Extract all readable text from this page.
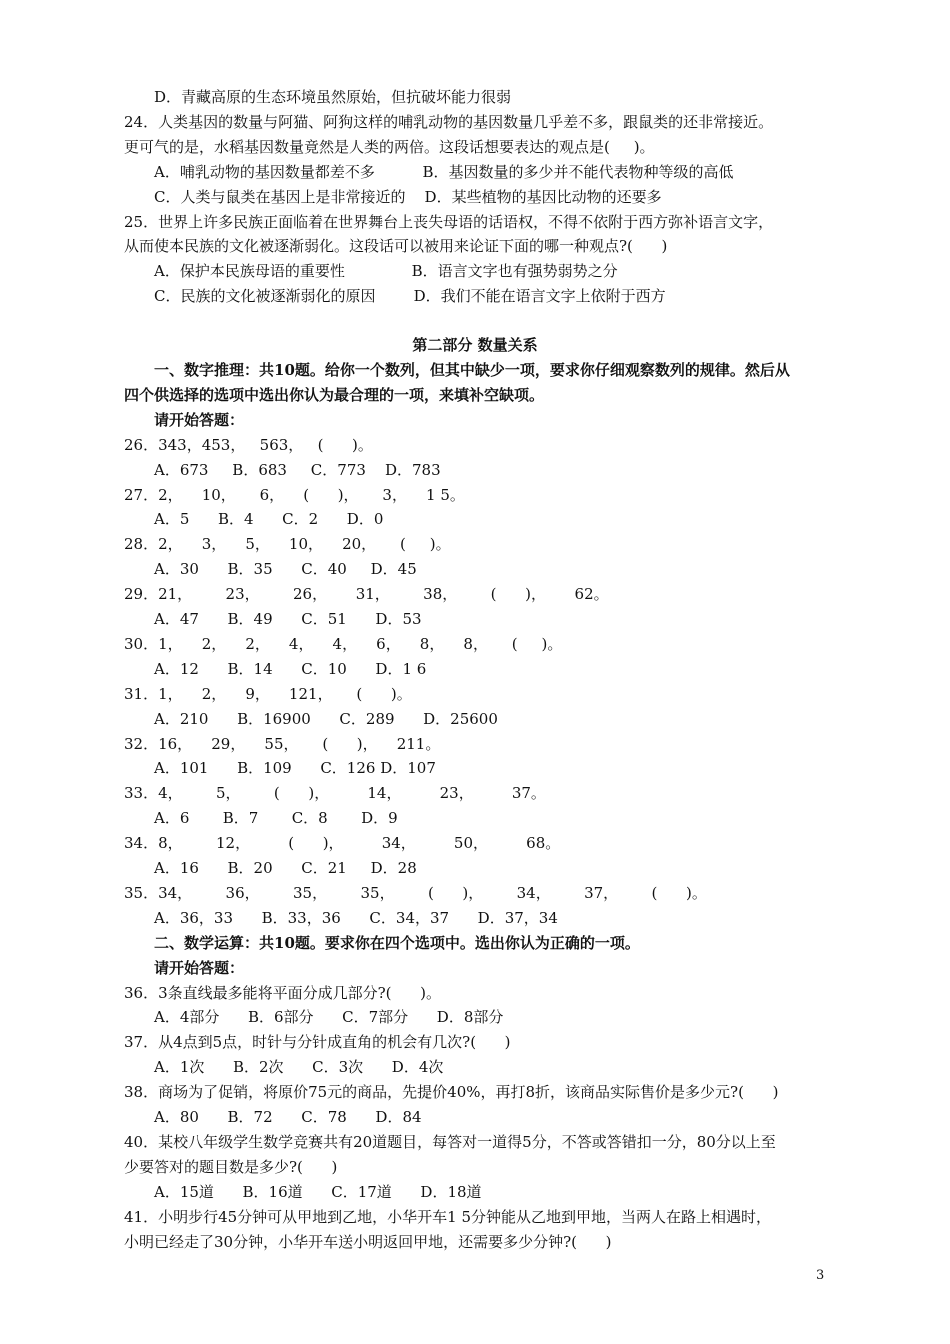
D．青藏高原的生态环境虽然原始，但抗破坏能力很弱
24．人类基因的数量与阿猫、阿狗这样的哺乳动物的基因数量几乎差不多，跟鼠类的还非常接近。
更可气的是，水稻基因数量竟然是人类的两倍。这段话想要表达的观点是(     )。
A．哺乳动物的基因数量都差不多          B．基因数量的多少并不能代表物种等级的高低
C．人类与鼠类在基因上是非常接近的    D．某些植物的基因比动物的还要多
25．世界上许多民族正面临着在世界舞台上丧失母语的话语权，不得不依附于西方弥补语言文字，
从而使本民族的文化被逐渐弱化。这段话可以被用来论证下面的哪一种观点?(      )
A．保护本民族母语的重要性              B．语言文字也有强势弱势之分
C．民族的文化被逐渐弱化的原因        D．我们不能在语言文字上依附于西方
第二部分 数量关系
一、数字推理：共10题。给你一个数列，但其中缺少一项，要求你仔细观察数列的规律。然后从
四个供选择的选项中选出你认为最合理的一项，来填补空缺项。
请开始答题：
26．343，453，   563，   (      )。
A．673     B．683     C．773    D．783
27．2，    10，     6，    (      )，     3，    1 5。
A．5      B．4      C．2      D．0
28．2，    3，    5，    10，    20，     (     )。
A．30      B．35      C．40     D．45
29．21，       23，       26，      31，       38，       (      )，      62。
A．47      B．49      C．51      D．53
30．1，    2，    2，    4，    4，    6，    8，    8，     (     )。
A．12      B．14      C．10      D．1 6
31．1，    2，    9，    121，     (      )。
A．210      B．16900      C．289      D．25600
32．16，    29，    55，     (      )，    211。
A．101      B．109      C．126 D．107
33．4，       5，       (      )，        14，        23，        37。
A．6       B．7       C．8       D．9
34．8，       12，        (      )，        34，        50，        68。
A．16      B．20      C．21     D．28
35．34，       36，       35，       35，       (      )，       34，       37，       (      )。
A．36，33      B．33，36      C．34，37      D．37，34
二、数学运算：共10题。要求你在四个选项中。选出你认为正确的一项。
请开始答题：
36．3条直线最多能将平面分成几部分?(      )。
A．4部分      B．6部分      C．7部分      D．8部分
37．从4点到5点，时针与分针成直角的机会有几次?(      )
A．1次      B．2次      C．3次      D．4次
38．商场为了促销，将原价75元的商品，先提价40%，再打8折，该商品实际售价是多少元?(      )
A．80      B．72      C．78      D．84
40．某校八年级学生数学竞赛共有20道题目，每答对一道得5分，不答或答错扣一分，80分以上至
少要答对的题目数是多少?(      )
A．15道      B．16道      C．17道      D．18道
41．小明步行45分钟可从甲地到乙地，小华开车1 5分钟能从乙地到甲地，当两人在路上相遇时，
小明已经走了30分钟，小华开车送小明返回甲地，还需要多少分钟?(      )
3
